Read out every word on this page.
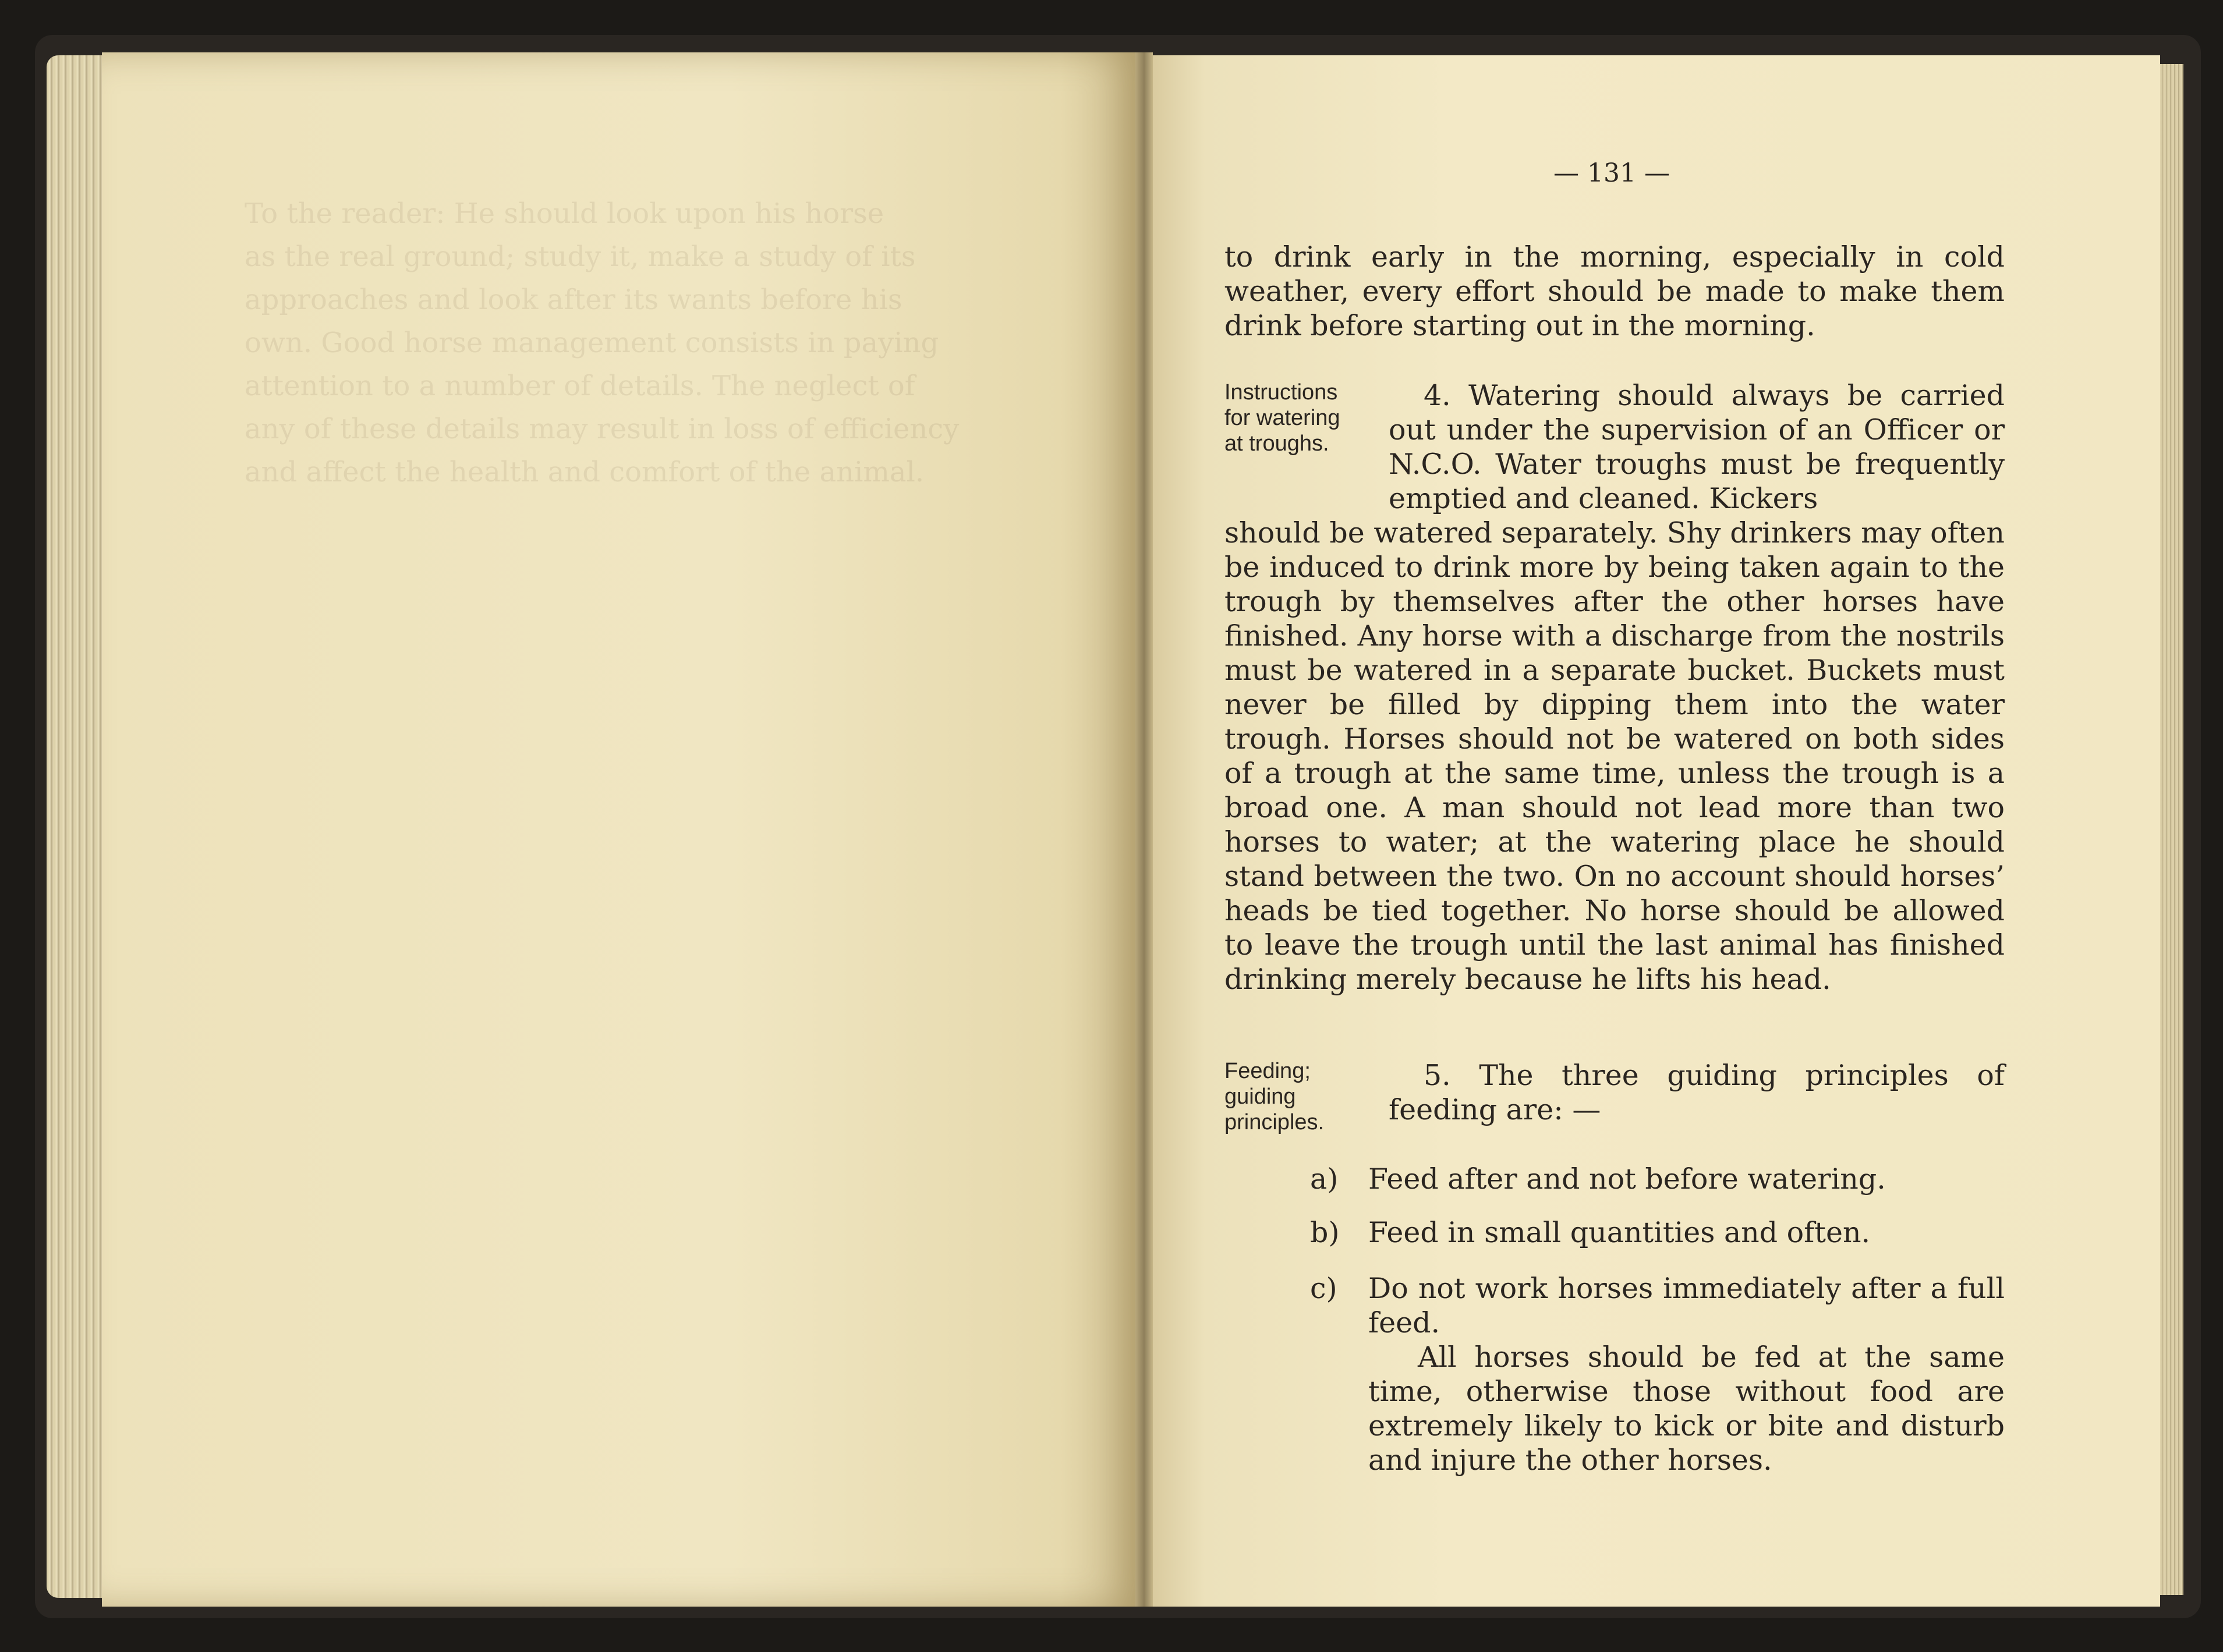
To the reader: He should look upon his horse

as the real ground; study it, make a study of its

approaches and look after its wants before his

own. Good horse management consists in paying

attention to a number of details. The neglect of

any of these details may result in loss of efficiency

and affect the health and comfort of the animal.

— 131 —
to drink early in the morning, especially in cold weather, every effort should be made to make them drink before starting out in the morning.
Instructions for watering at troughs.
4. Watering should always be carried out under the supervision of an Officer or N.C.O. Water troughs must be frequently emptied and cleaned. Kickers
should be watered separately. Shy drinkers may often be induced to drink more by being taken again to the trough by themselves after the other horses have finished. Any horse with a discharge from the nostrils must be watered in a separate bucket. Buckets must never be filled by dipping them into the water trough. Horses should not be watered on both sides of a trough at the same time, unless the trough is a broad one. A man should not lead more than two horses to water; at the watering place he should stand between the two. On no account should horses’ heads be tied together. No horse should be allowed to leave the trough until the last animal has finished drinking merely because he lifts his head.
Feeding; guiding principles.
5. The three guiding principles of feeding are: —
a) Feed after and not before watering.
b) Feed in small quantities and often.
c) Do not work horses immediately after a full feed.
All horses should be fed at the same time, otherwise those without food are extremely likely to kick or bite and disturb and injure the other horses.
